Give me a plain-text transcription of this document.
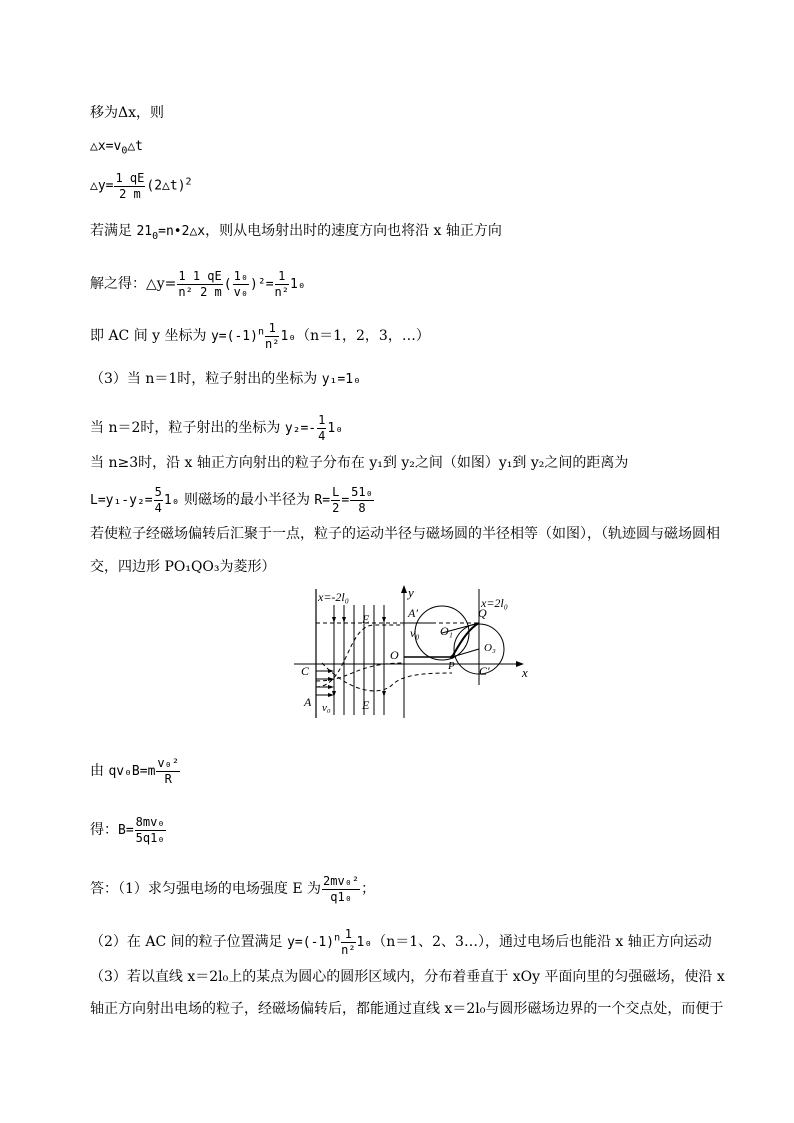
移为Δx，则
$\triangle x=v_0\triangle t$
△y= $\frac{1 qE}{2 m}$ (2△t)$^2$
若满足 $21_0=n•2\triangle x$，则从电场射出时的速度方向也将沿 x 轴正方向
解之得：△y= $\frac{1 1 qE}{\text{n² 2 m}}$ ( $\frac{\text{1₀}}{\text{v₀}} )^2= \frac{1}{\text{n²}} 1_0$
即 AC 间 y 坐标为 $y=(-1)^n \frac{1}{\text{n²}} 1_0(n=1$，2，3，…）
（3）当 n＝1时，粒子射出的坐标为 y₁=1₀
当 n＝2时，粒子射出的坐标为 $y_2=- \frac{1}{4} 1_0$
当 n≥3时，沿 x 轴正方向射出的粒子分布在 y₁到 y₂之间（如图）y₁到 y₂之间的距离为
$L=y_1-y_2= \frac{5}{4} 1_0$ 则磁场的最小半径为 $R= \frac{L}{2} = \frac{\text{51₀}}{8}$
若使粒子经磁场偏转后汇聚于一点，粒子的运动半径与磁场圆的半径相等（如图），（轨迹圆与磁场圆相
交，四边形 PO₁QO₃为菱形）
x=-2l₀	x=2l₀
x
y
E
E
A′
v₀
O
O₁
O₃
Q
P
C	C′
A v₀
由 $qv_0B=m \frac{\text{v₀²}}{R}$
得：$B= \frac{\text{8mv₀}}{\text{5q1₀}}$
答：（1）求匀强电场的电场强度 E 为 $\frac{\text{2mv₀²}}{\text{q1₀}}$ ；
（2）在 AC 间的粒子位置满足 $y=(-1)^n \frac{1}{\text{n²}} 1_0(n=1$、2、3…），通过电场后也能沿 x 轴正方向运动
（3）若以直线 x＝2l₀上的某点为圆心的圆形区域内，分布着垂直于 xOy 平面向里的匀强磁场，使沿 x
轴正方向射出电场的粒子，经磁场偏转后，都能通过直线 x＝2l₀与圆形磁场边界的一个交点处，而便于
